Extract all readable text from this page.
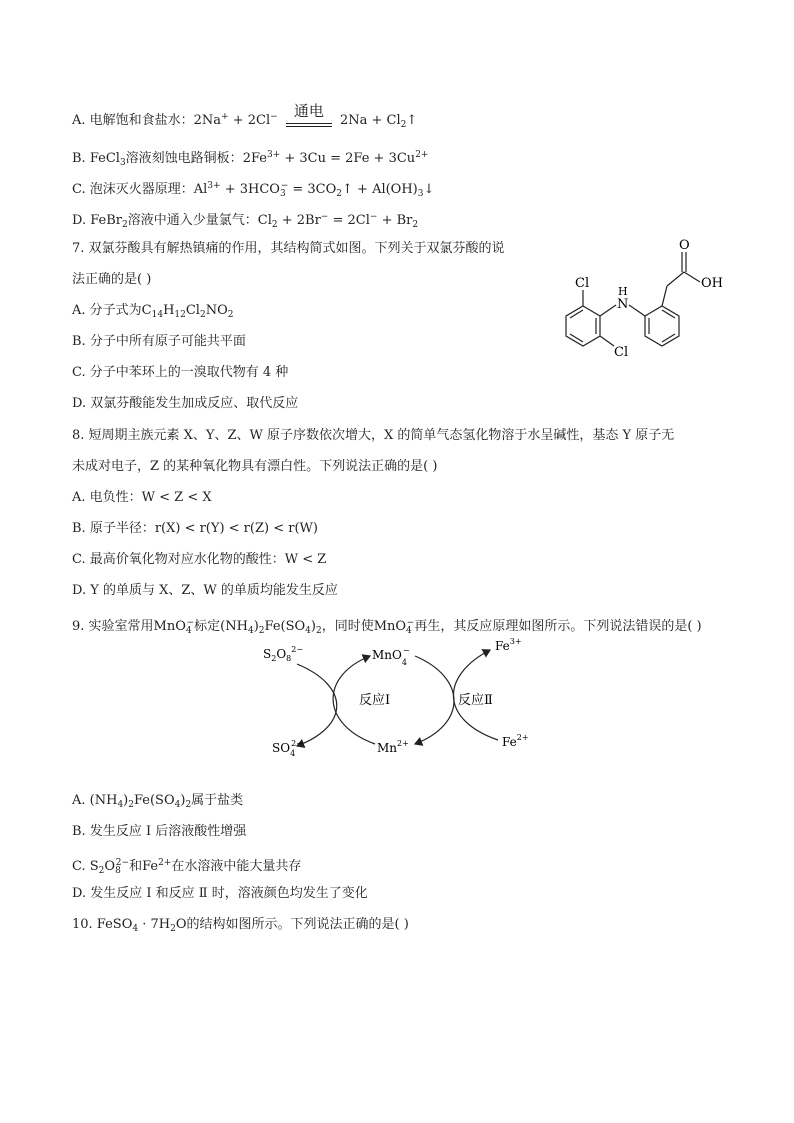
A. 电解饱和食盐水：2Na+ + 2Cl−	通电
$2Na + Cl_2↑$
B. FeCl$_3$溶液刻蚀电路铜板：$2Fe^{3+} + 3Cu = 2Fe + 3Cu^{2+}$
C. 泡沫灭火器原理：$Al^{3+} + 3HCO_3^-$ = $3CO_2↑$ + $Al(OH)_3↓$
D. FeBr$_2$溶液中通入少量氯气：$Cl_2 + 2Br^- = 2Cl^- + Br_2$
7. 双氯芬酸具有解热镇痛的作用，其结构简式如图。下列关于双氯芬酸的说
法正确的是( )
A. 分子式为$C_{14}H_{12}Cl_2NO_2$
B. 分子中所有原子可能共平面
C. 分子中苯环上的一溴取代物有 4 种
D. 双氯芬酸能发生加成反应、取代反应
Cl
Cl
N
H
O
OH
8. 短周期主族元素 X、Y、Z、W 原子序数依次增大，X 的简单气态氢化物溶于水呈碱性，基态 Y 原子无
未成对电子，Z 的某种氧化物具有漂白性。下列说法正确的是( )
A. 电负性：W < Z < X
B. 原子半径：r(X) < r(Y) < r(Z) < r(W)
C. 最高价氧化物对应水化物的酸性：W < Z
D. Y 的单质与 X、Z、W 的单质均能发生反应
9. 实验室常用MnO$_4$−标定$(NH_4)_2Fe(SO_4)_2$，同时使MnO$_4$−再生，其反应原理如图所示。下列说法错误的是( )
$S_2O_8^{2-}$	MnO$_4$−	$Fe^{3+}$
反应Ⅰ	反应Ⅱ
$SO_42-$	$Mn^{2+}$	$Fe^{2+}$
A. $(NH_4)_2Fe(SO_4)_2$属于盐类
B. 发生反应 Ⅰ 后溶液酸性增强
C. $S_2O_8^{2-}$和$Fe^{2+}$在水溶液中能大量共存
D. 发生反应 Ⅰ 和反应 Ⅱ 时，溶液颜色均发生了变化
10. FeSO$_4$ · $7H_2O$的结构如图所示。下列说法正确的是( )
